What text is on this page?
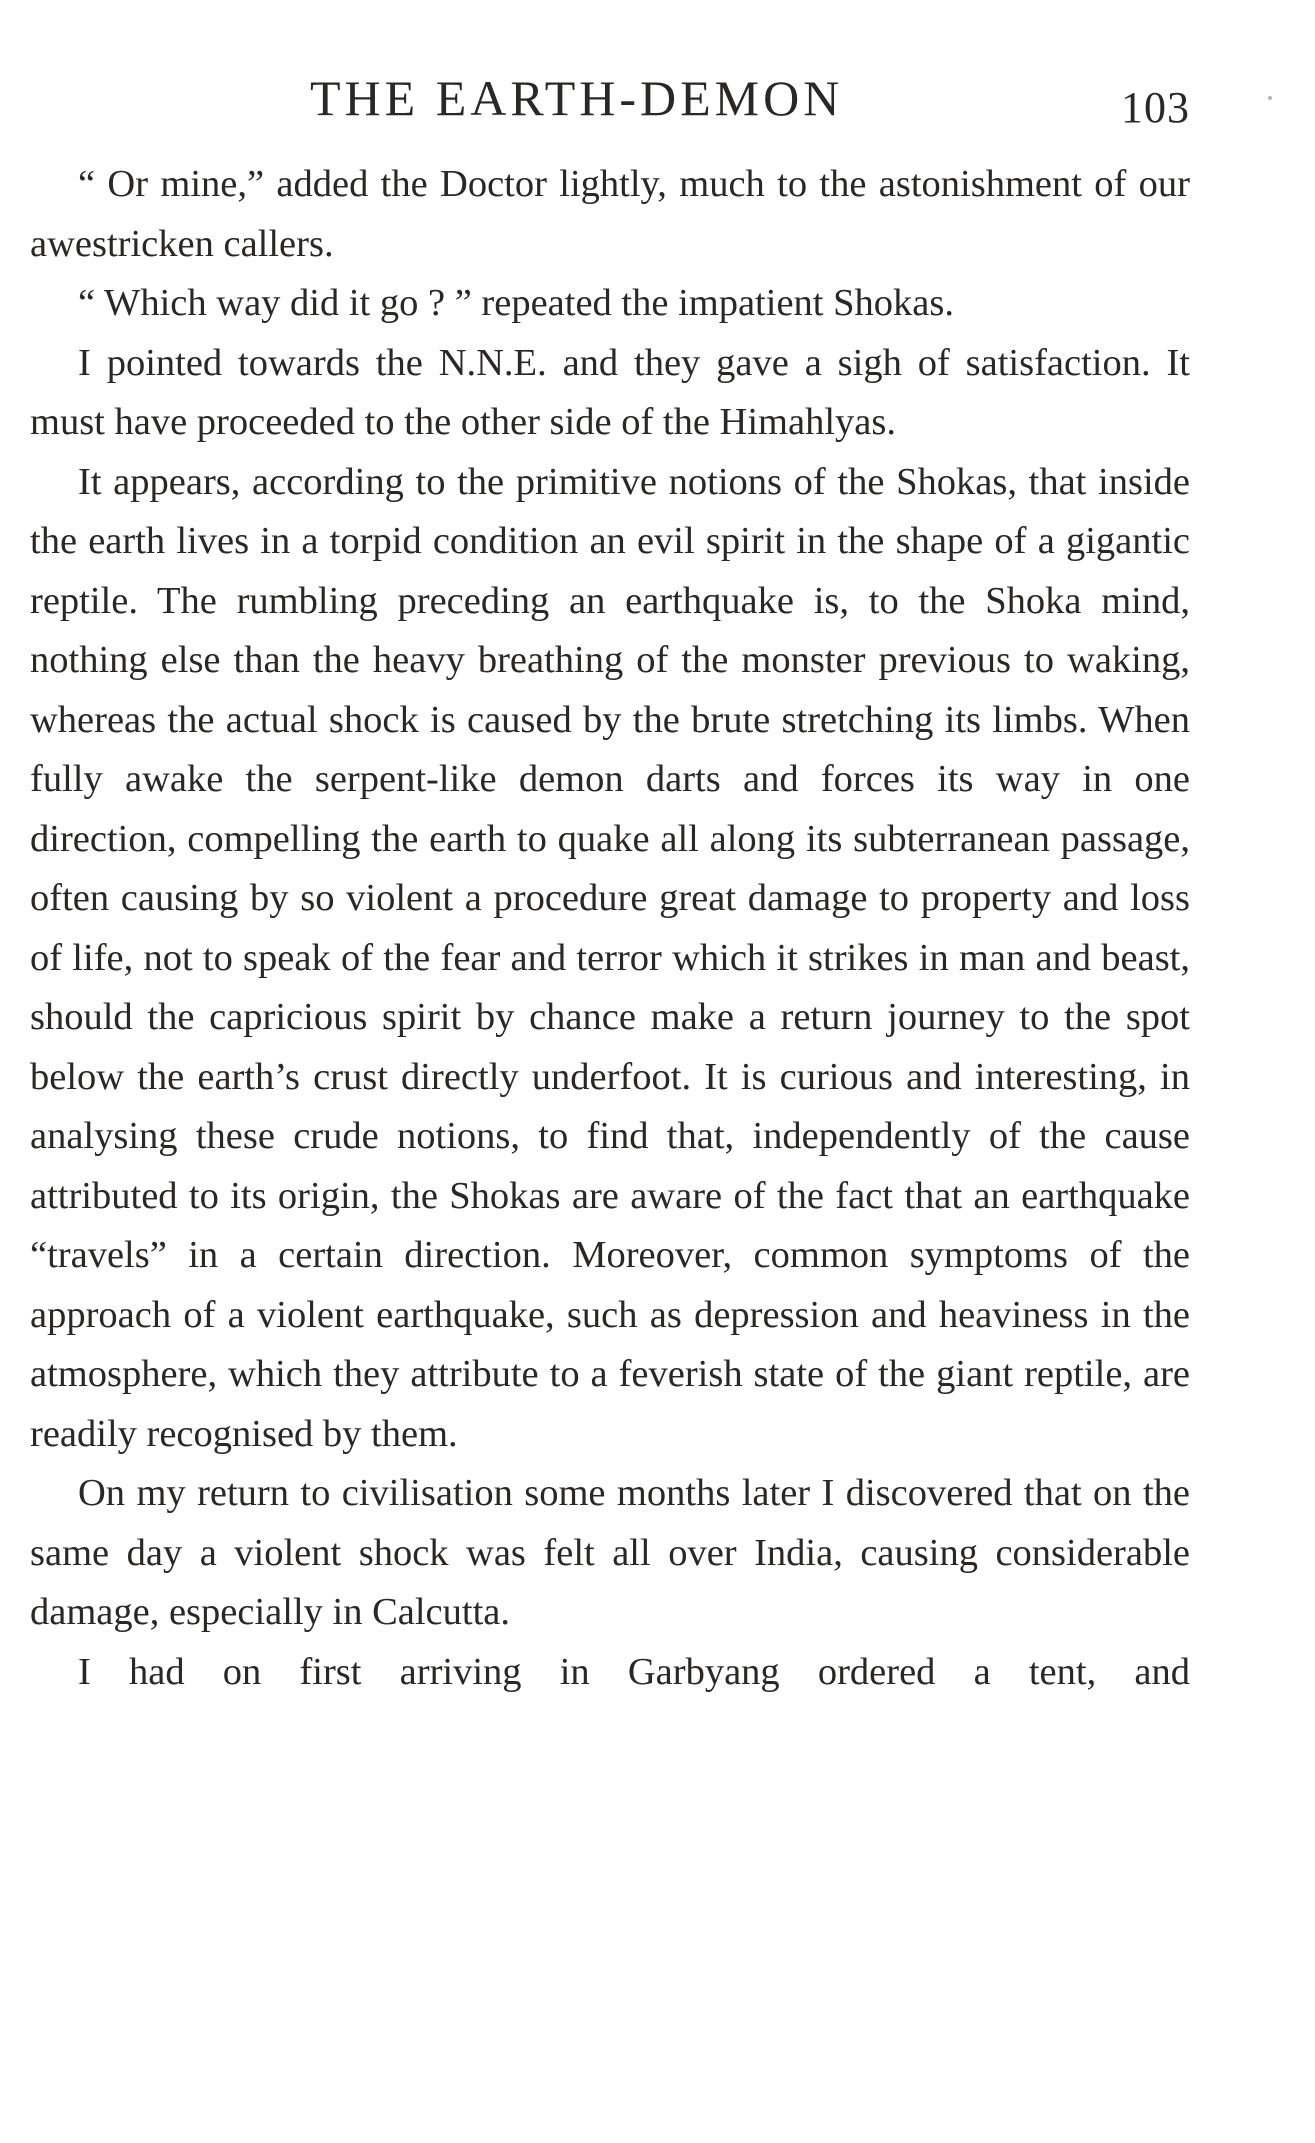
THE EARTH-DEMON	103

“ Or mine,” added the Doctor lightly, much to the astonishment of our awestricken callers.

“ Which way did it go ? ” repeated the impatient Shokas.

I pointed towards the N.N.E. and they gave a sigh of satisfaction. It must have proceeded to the other side of the Himahlyas.

It appears, according to the primitive notions of the Shokas, that inside the earth lives in a torpid condition an evil spirit in the shape of a gigantic reptile. The rumbling preceding an earthquake is, to the Shoka mind, nothing else than the heavy breathing of the monster previous to waking, whereas the actual shock is caused by the brute stretching its limbs. When fully awake the serpent-like demon darts and forces its way in one direction, compelling the earth to quake all along its subterranean passage, often causing by so violent a procedure great damage to property and loss of life, not to speak of the fear and terror which it strikes in man and beast, should the capricious spirit by chance make a return journey to the spot below the earth’s crust directly underfoot. It is curious and interesting, in analysing these crude notions, to find that, independently of the cause attributed to its origin, the Shokas are aware of the fact that an earthquake “travels” in a certain direction. Moreover, common symptoms of the approach of a violent earthquake, such as depression and heaviness in the atmosphere, which they attribute to a feverish state of the giant reptile, are readily recognised by them.

On my return to civilisation some months later I discovered that on the same day a violent shock was felt all over India, causing considerable damage, especially in Calcutta.

I had on first arriving in Garbyang ordered a tent, and
